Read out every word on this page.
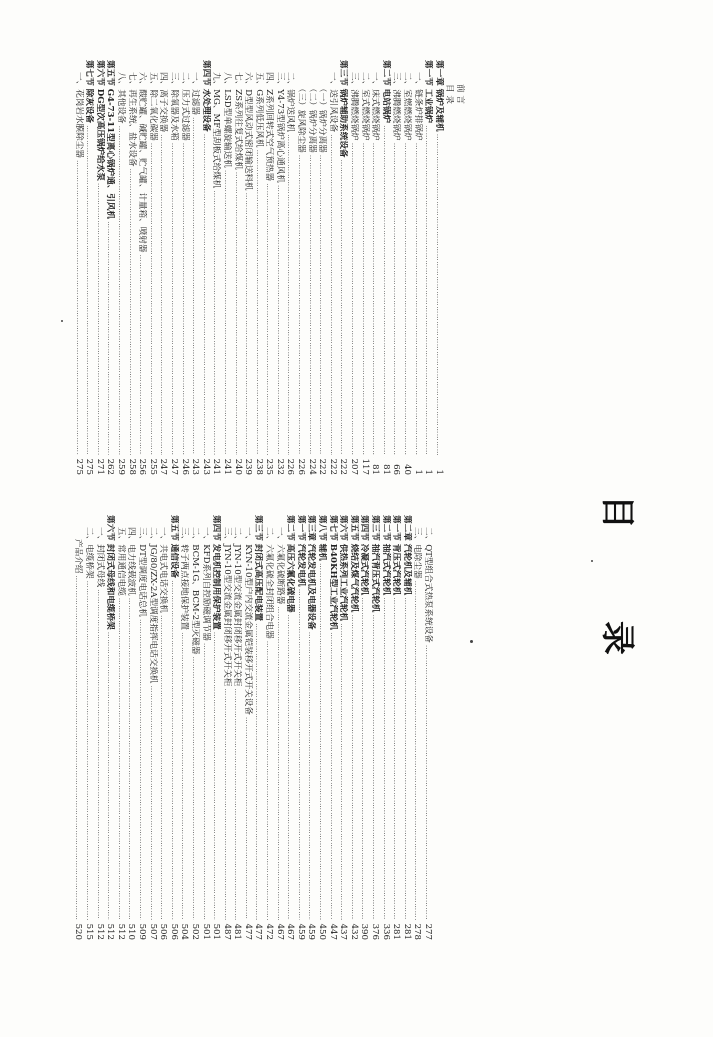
目 录
前 言
目 录
第一章 锅炉及辅机
………………………………………………………………………………………………………………………………………………………
1
第一节 工业锅炉
………………………………………………………………………………………………………………………………………………………
1
一、链条炉排锅炉
………………………………………………………………………………………………………………………………………………………
1
二、室燃燃烧锅炉
………………………………………………………………………………………………………………………………………………………
40
三、沸腾燃烧锅炉
………………………………………………………………………………………………………………………………………………………
66
第二节 电站锅炉
………………………………………………………………………………………………………………………………………………………
81
一、床式燃烧锅炉
………………………………………………………………………………………………………………………………………………………
81
二、室式燃烧锅炉
………………………………………………………………………………………………………………………………………………………
117
三、沸腾燃烧锅炉
………………………………………………………………………………………………………………………………………………………
207
第三节 锅炉辅助系统设备
………………………………………………………………………………………………………………………………………………………
222
一、送引风设备
………………………………………………………………………………………………………………………………………………………
222
（一）锅炉分离器
………………………………………………………………………………………………………………………………………………………
222
（二）锅炉分离器
………………………………………………………………………………………………………………………………………………………
224
（三）旋风除尘器
………………………………………………………………………………………………………………………………………………………
226
二、锅炉送风机
………………………………………………………………………………………………………………………………………………………
226
三、Y4-73型锅炉离心通风机
………………………………………………………………………………………………………………………………………………………
232
四、Z系列回转式空气预热器
………………………………………………………………………………………………………………………………………………………
235
五、G系列低压风机
………………………………………………………………………………………………………………………………………………………
238
六、D型型风动式密闭输送料机
………………………………………………………………………………………………………………………………………………………
239
七、ZS系列往复式给煤机
………………………………………………………………………………………………………………………………………………………
240
八、LSD型单螺旋输送机
………………………………………………………………………………………………………………………………………………………
241
九、MG、MF型刮板式给煤机
………………………………………………………………………………………………………………………………………………………
241
第四节 水处理设备
………………………………………………………………………………………………………………………………………………………
243
一、过滤器
………………………………………………………………………………………………………………………………………………………
243
二、压力式过滤器
………………………………………………………………………………………………………………………………………………………
246
三、除氧器及水箱
………………………………………………………………………………………………………………………………………………………
247
四、离子交换器
………………………………………………………………………………………………………………………………………………………
247
五、除二氧化碳器
………………………………………………………………………………………………………………………………………………………
255
六、酸贮罐、碱贮罐、贮气罐、计量箱、喷射器
………………………………………………………………………………………………………………………………………………………
256
七、再生系统、盐水设备
………………………………………………………………………………………………………………………………………………………
258
八、其他设备
………………………………………………………………………………………………………………………………………………………
259
第五节 G4-73-11型离心锅炉通、引风机
………………………………………………………………………………………………………………………………………………………
262
第六节 DG型次高压锅炉给水泵
………………………………………………………………………………………………………………………………………………………
271
第七节 除灰设备
………………………………………………………………………………………………………………………………………………………
275
一、花岗岩水膜除尘器
………………………………………………………………………………………………………………………………………………………
275
二、QT型组合式热泵系统设备
………………………………………………………………………………………………………………………………………………………
277
三、电除尘器
………………………………………………………………………………………………………………………………………………………
278
第二章 汽轮机及辅机
………………………………………………………………………………………………………………………………………………………
281
第一节 背压式汽轮机
………………………………………………………………………………………………………………………………………………………
281
第二节 抽汽式汽轮机
………………………………………………………………………………………………………………………………………………………
336
第三节 抽汽背压式汽轮机
………………………………………………………………………………………………………………………………………………………
376
第四节 冷凝式汽轮机
………………………………………………………………………………………………………………………………………………………
390
第五节 烧结及煤气汽轮机
………………………………………………………………………………………………………………………………………………………
432
第六节 供热系列工业汽轮机
………………………………………………………………………………………………………………………………………………………
437
第七节 B40KH型工业汽轮机
………………………………………………………………………………………………………………………………………………………
447
第八节 辅机
………………………………………………………………………………………………………………………………………………………
450
第三章 汽轮发电机及电器设备
………………………………………………………………………………………………………………………………………………………
459
第一节 汽轮发电机
………………………………………………………………………………………………………………………………………………………
459
第二节 高压六氟化硫电器
………………………………………………………………………………………………………………………………………………………
467
一、六氟化硫断路器
………………………………………………………………………………………………………………………………………………………
467
二、六氟化硫全封闭组合电器
………………………………………………………………………………………………………………………………………………………
472
第三节 封闭式高压配电装置
………………………………………………………………………………………………………………………………………………………
477
一、KYN-10型户内交流金属铠装移开式开关设备
………………………………………………………………………………………………………………………………………………………
477
二、JYN-10型交流金属封闭移开式开关柜
………………………………………………………………………………………………………………………………………………………
481
三、JYN-10型交流金属封闭移开式开关柜
………………………………………………………………………………………………………………………………………………………
487
第四节 发电机控制用保护装置
………………………………………………………………………………………………………………………………………………………
501
一、KFD系列自控励磁调节器
………………………………………………………………………………………………………………………………………………………
501
二、BCM-1G、BCM-2型灭磁器
………………………………………………………………………………………………………………………………………………………
502
三、转子两点接地保护装置
………………………………………………………………………………………………………………………………………………………
504
第五节 通信设备
………………………………………………………………………………………………………………………………………………………
506
一、共电式电话交换机
………………………………………………………………………………………………………………………………………………………
506
二、JG/80/ZX-2A型调度指挥电话交换机
………………………………………………………………………………………………………………………………………………………
507
三、DT型调度电话总机
………………………………………………………………………………………………………………………………………………………
509
四、电力线载波机
………………………………………………………………………………………………………………………………………………………
510
五、常用通信电缆
………………………………………………………………………………………………………………………………………………………
512
第六节 封闭式母线和电缆桥架
………………………………………………………………………………………………………………………………………………………
512
一、封闭式母线
………………………………………………………………………………………………………………………………………………………
512
二、电缆桥架
………………………………………………………………………………………………………………………………………………………
515
产品介绍
………………………………………………………………………………………………………………………………………………………
520
